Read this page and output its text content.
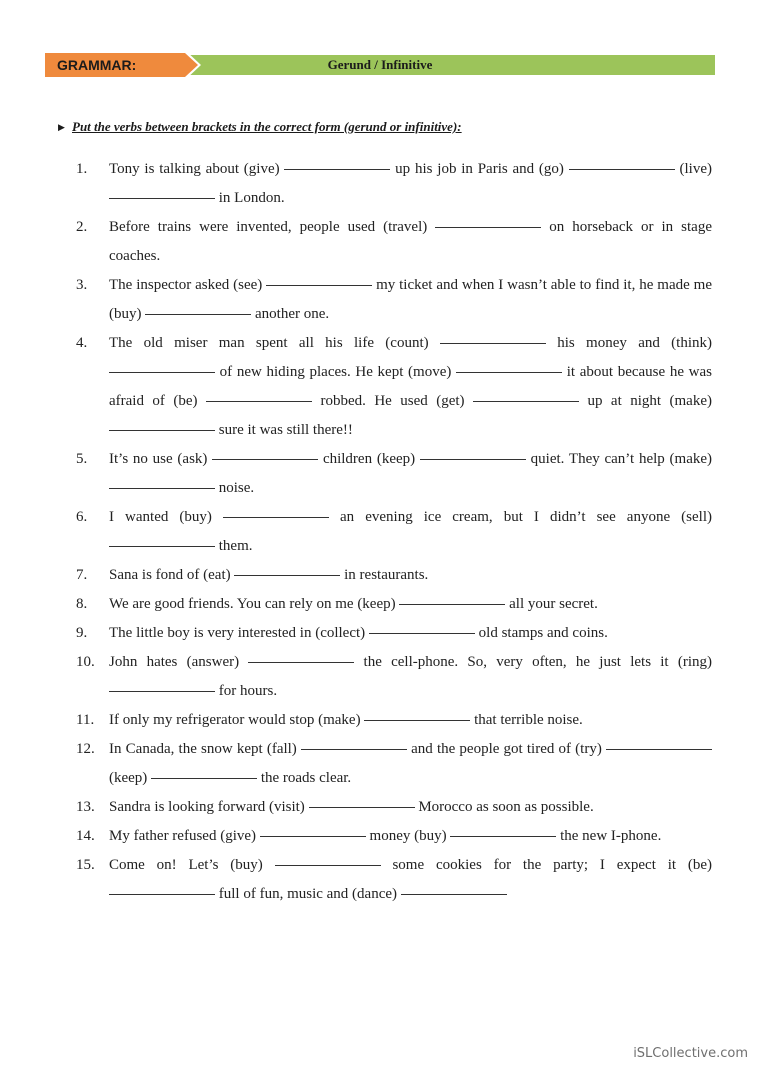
GRAMMAR:	Gerund / Infinitive
▶ Put the verbs between brackets in the correct form (gerund or infinitive):
1.	Tony is talking about (give)	up his job in Paris and (go)	(live)  in London.
2.	Before trains were invented, people used (travel)	on horseback or in stage coaches.
3.	The inspector asked (see)	my ticket and when I wasn’t able to find it, he made me (buy)	another one.
4.	The old miser man spent all his life (count)	his money and (think)  of new hiding places. He kept (move)	it about because he was afraid of (be)	robbed. He used (get)	up at night (make)  sure it was still there!!
5.	It’s no use (ask)	children (keep)	quiet. They can’t help (make)  noise.
6.	I wanted (buy)	an evening ice cream, but I didn’t see anyone (sell)  them.
7.	Sana is fond of (eat)	in restaurants.
8.	We are good friends. You can rely on me (keep)	all your secret.
9.	The little boy is very interested in (collect)	old stamps and coins.
10. John hates (answer)	the cell-phone. So, very often, he just lets it (ring)  for hours.
11. If only my refrigerator would stop (make)	that terrible noise.
12. In Canada, the snow kept (fall)	and the people got tired of (try)  (keep)	the roads clear.
13. Sandra is looking forward (visit)	Morocco as soon as possible.
14. My father refused (give)	money (buy)	the new I-phone.
15. Come on! Let’s (buy)	some cookies for the party; I expect it (be)  full of fun, music and (dance)
iSLCollective.com
